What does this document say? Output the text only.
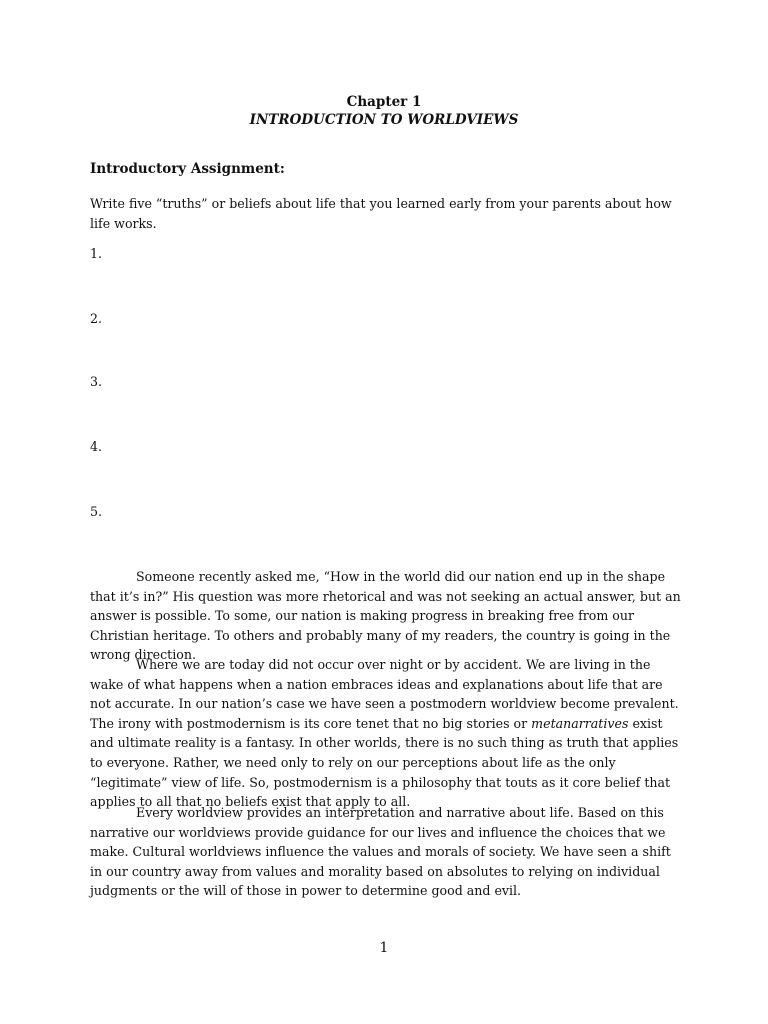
Chapter 1
INTRODUCTION TO WORLDVIEWS
Introductory Assignment:
Write five “truths” or beliefs about life that you learned early from your parents about how life works.
1.
2.
3.
4.
5.

Someone recently asked me, “How in the world did our nation end up in the shape that it’s in?” His question was more rhetorical and was not seeking an actual answer, but an answer is possible. To some, our nation is making progress in breaking free from our Christian heritage. To others and probably many of my readers, the country is going in the wrong direction.

Where we are today did not occur over night or by accident. We are living in the wake of what happens when a nation embraces ideas and explanations about life that are not accurate. In our nation’s case we have seen a postmodern worldview become prevalent. The irony with postmodernism is its core tenet that no big stories or metanarratives exist and ultimate reality is a fantasy. In other worlds, there is no such thing as truth that applies to everyone. Rather, we need only to rely on our perceptions about life as the only “legitimate” view of life. So, postmodernism is a philosophy that touts as it core belief that applies to all that no beliefs exist that apply to all.

Every worldview provides an interpretation and narrative about life. Based on this narrative our worldviews provide guidance for our lives and influence the choices that we make. Cultural worldviews influence the values and morals of society. We have seen a shift in our country away from values and morality based on absolutes to relying on individual judgments or the will of those in power to determine good and evil.

1
